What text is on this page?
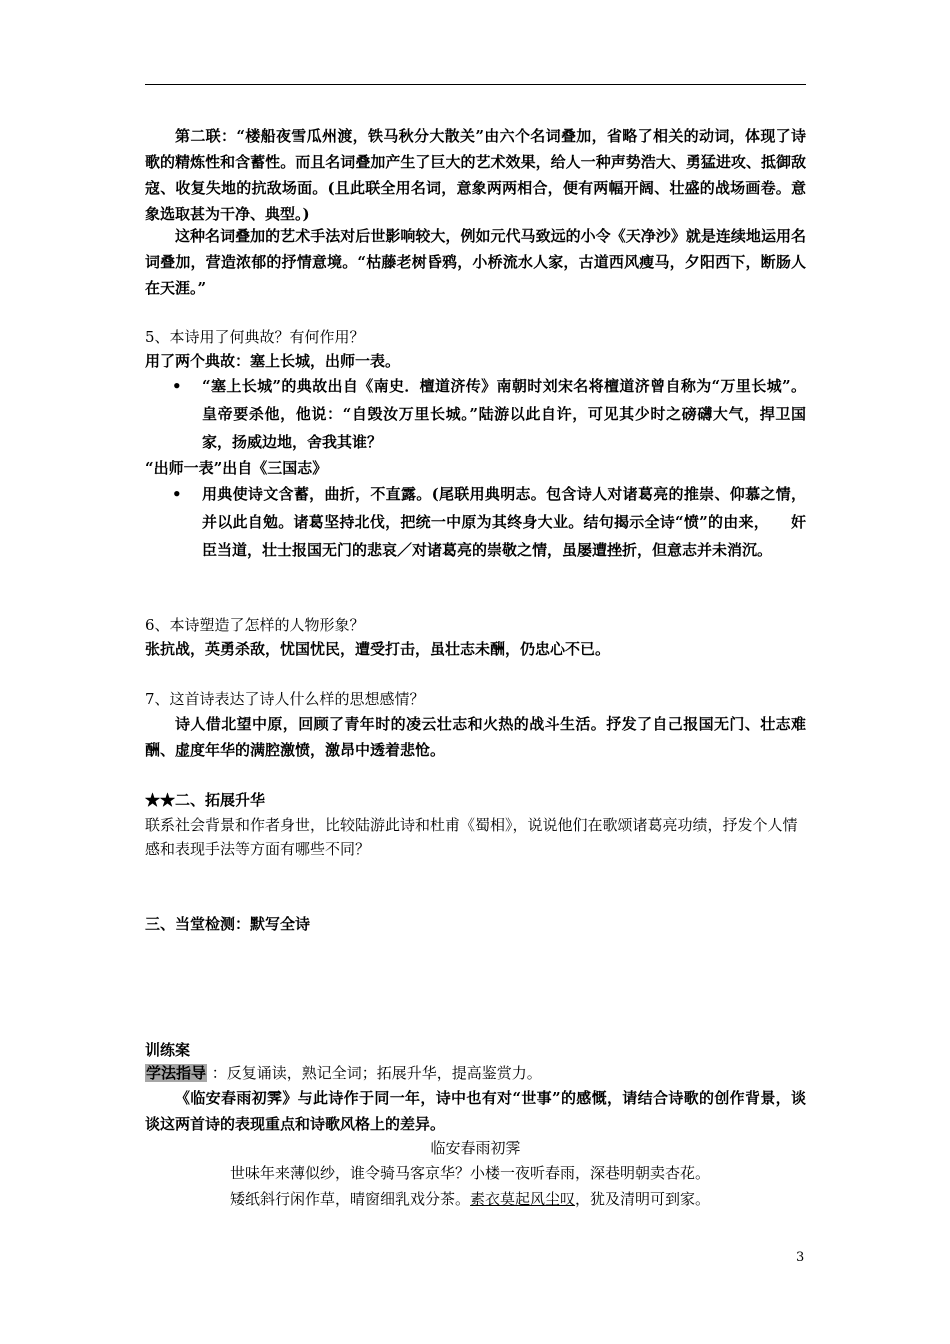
第二联：“楼船夜雪瓜州渡，铁马秋分大散关”由六个名词叠加，省略了相关的动词，体现了诗歌的精炼性和含蓄性。而且名词叠加产生了巨大的艺术效果，给人一种声势浩大、勇猛进攻、抵御敌寇、收复失地的抗敌场面。(且此联全用名词，意象两两相合，便有两幅开阔、壮盛的战场画卷。意象选取甚为干净、典型。)
这种名词叠加的艺术手法对后世影响较大，例如元代马致远的小令《天净沙》就是连续地运用名词叠加，营造浓郁的抒情意境。“枯藤老树昏鸦，小桥流水人家，古道西风瘦马，夕阳西下，断肠人在天涯。”
5、本诗用了何典故？有何作用？
用了两个典故：塞上长城，出师一表。
• “塞上长城”的典故出自《南史．檀道济传》南朝时刘宋名将檀道济曾自称为“万里长城”。皇帝要杀他，他说：“自毁汝万里长城。”陆游以此自许，可见其少时之磅礴大气，捍卫国家，扬威边地，舍我其谁？
“出师一表”出自《三国志》
• 用典使诗文含蓄，曲折，不直露。(尾联用典明志。包含诗人对诸葛亮的推崇、仰慕之情，并以此自勉。诸葛坚持北伐，把统一中原为其终身大业。结句揭示全诗“愤”的由来，    奸臣当道，壮士报国无门的悲哀／对诸葛亮的崇敬之情，虽屡遭挫折，但意志并未消沉。
6、本诗塑造了怎样的人物形象？
张抗战，英勇杀敌，忧国忧民，遭受打击，虽壮志未酬，仍忠心不已。
7、这首诗表达了诗人什么样的思想感情？
诗人借北望中原，回顾了青年时的凌云壮志和火热的战斗生活。抒发了自己报国无门、壮志难酬、虚度年华的满腔激愤，激昂中透着悲怆。
★★二、拓展升华
联系社会背景和作者身世，比较陆游此诗和杜甫《蜀相》，说说他们在歌颂诸葛亮功绩，抒发个人情感和表现手法等方面有哪些不同？
三、当堂检测：默写全诗
训练案
学法指导 ：反复诵读，熟记全词；拓展升华，提高鉴赏力。
《临安春雨初霁》与此诗作于同一年，诗中也有对“世事”的感慨，请结合诗歌的创作背景，谈谈这两首诗的表现重点和诗歌风格上的差异。
临安春雨初霁
世味年来薄似纱，谁令骑马客京华？小楼一夜听春雨，深巷明朝卖杏花。
矮纸斜行闲作草，晴窗细乳戏分茶。素衣莫起风尘叹，犹及清明可到家。
3
